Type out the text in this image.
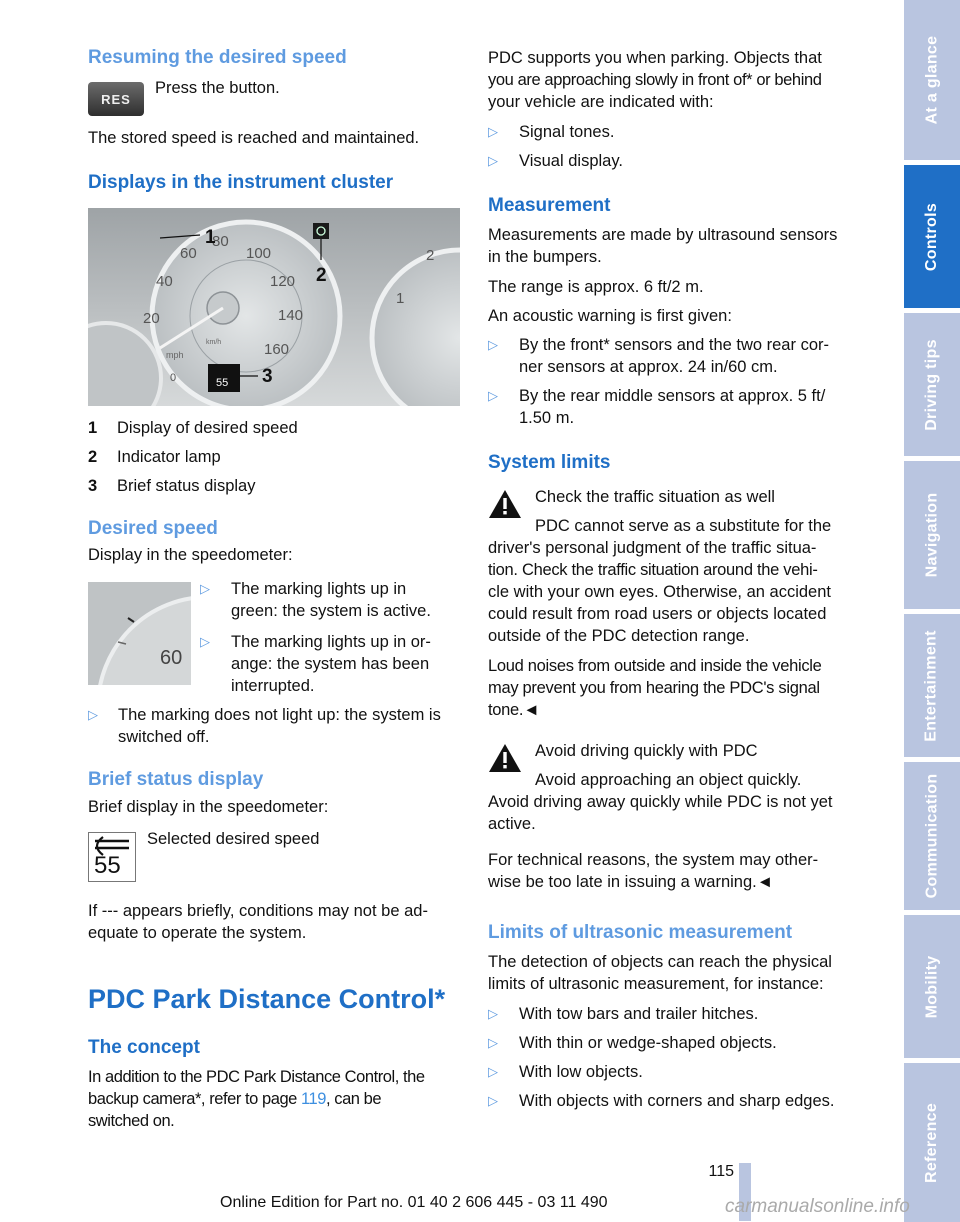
Resuming the desired speed
RES
Press the button.
The stored speed is reached and maintained.
Displays in the instrument cluster
20
40
60
80
100
120
140
160
0
km/h
mph
1
2
55
1
2
3
1 Display of desired speed
2 Indicator lamp
3 Brief status display
Desired speed
Display in the speedometer:
60
▷ The marking lights up in
green: the system is active.
▷ The marking lights up in or-
ange: the system has been
interrupted.
▷ The marking does not light up: the system is
switched off.
Brief status display
Brief display in the speedometer:
55
Selected desired speed
If --- appears briefly, conditions may not be ad-
equate to operate the system.
PDC Park Distance Control*
The concept
In addition to the PDC Park Distance Control, the
backup camera*, refer to page 119, can be
switched on.
PDC supports you when parking. Objects that
you are approaching slowly in front of* or behind
your vehicle are indicated with:
▷ Signal tones.
▷ Visual display.
Measurement
Measurements are made by ultrasound sensors
in the bumpers.
The range is approx. 6 ft/2 m.
An acoustic warning is first given:
▷ By the front* sensors and the two rear cor-
ner sensors at approx. 24 in/60 cm.
▷ By the rear middle sensors at approx. 5 ft/
1.50 m.
System limits
Check the traffic situation as well
PDC cannot serve as a substitute for the
driver's personal judgment of the traffic situa-
tion. Check the traffic situation around the vehi-
cle with your own eyes. Otherwise, an accident
could result from road users or objects located
outside of the PDC detection range.
Loud noises from outside and inside the vehicle
may prevent you from hearing the PDC's signal
tone.◄
Avoid driving quickly with PDC
Avoid approaching an object quickly.
Avoid driving away quickly while PDC is not yet
active.
For technical reasons, the system may other-
wise be too late in issuing a warning.◄
Limits of ultrasonic measurement
The detection of objects can reach the physical
limits of ultrasonic measurement, for instance:
▷ With tow bars and trailer hitches.
▷ With thin or wedge-shaped objects.
▷ With low objects.
▷ With objects with corners and sharp edges.
At a glance
Controls
Driving tips
Navigation
Entertainment
Communication
Mobility
Reference
115
Online Edition for Part no. 01 40 2 606 445 - 03 11 490	carmanualsonline.info
